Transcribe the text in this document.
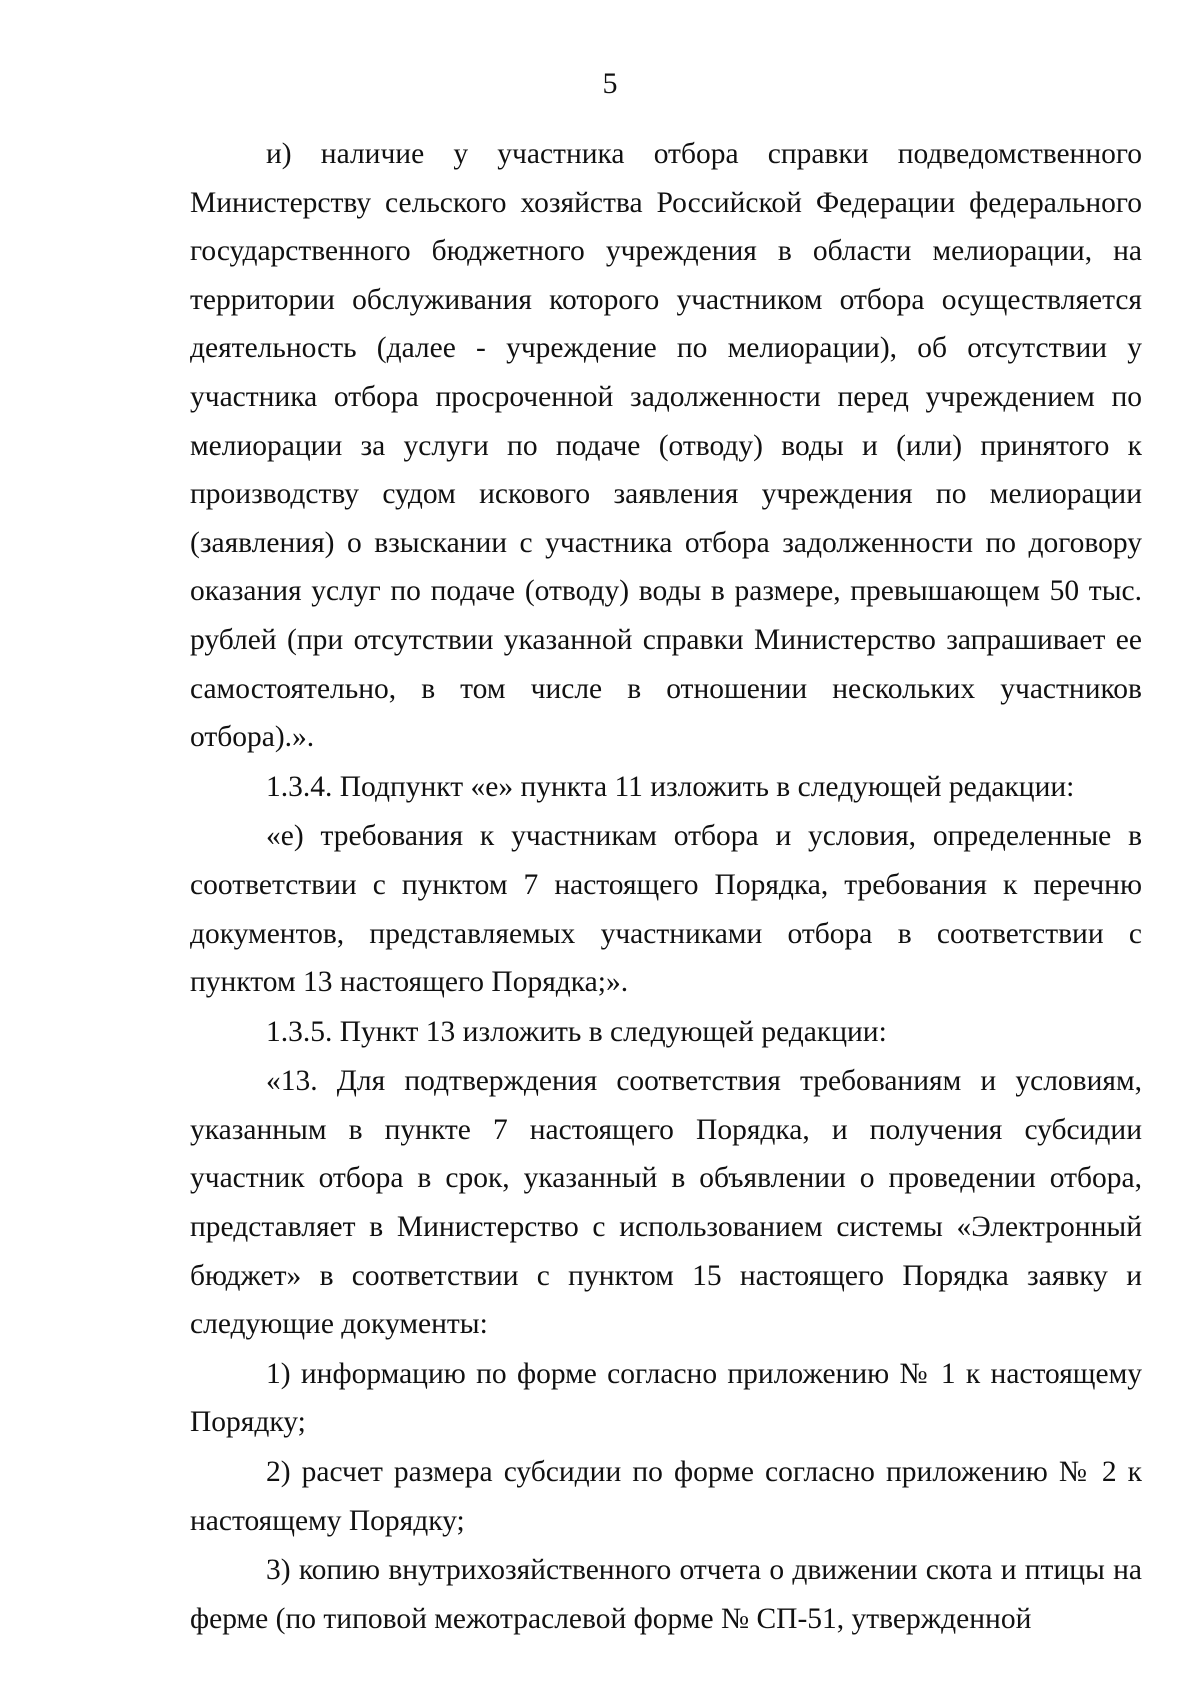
5

и) наличие у участника отбора справки подведомственного Министерству сельского хозяйства Российской Федерации федерального государственного бюджетного учреждения в области мелиорации, на территории обслуживания которого участником отбора осуществляется деятельность (далее - учреждение по мелиорации), об отсутствии у участника отбора просроченной задолженности перед учреждением по мелиорации за услуги по подаче (отводу) воды и (или) принятого к производству судом искового заявления учреждения по мелиорации (заявления) о взыскании с участника отбора задолженности по договору оказания услуг по подаче (отводу) воды в размере, превышающем 50 тыс. рублей (при отсутствии указанной справки Министерство запрашивает ее самостоятельно, в том числе в отношении нескольких участников отбора).».

1.3.4. Подпункт «е» пункта 11 изложить в следующей редакции:

«е) требования к участникам отбора и условия, определенные в соответствии с пунктом 7 настоящего Порядка, требования к перечню документов, представляемых участниками отбора в соответствии с пунктом 13 настоящего Порядка;».

1.3.5. Пункт 13 изложить в следующей редакции:

«13. Для подтверждения соответствия требованиям и условиям, указанным в пункте 7 настоящего Порядка, и получения субсидии участник отбора в срок, указанный в объявлении о проведении отбора, представляет в Министерство с использованием системы «Электронный бюджет» в соответствии с пунктом 15 настоящего Порядка заявку и следующие документы:

1) информацию по форме согласно приложению № 1 к настоящему Порядку;

2) расчет размера субсидии по форме согласно приложению № 2 к настоящему Порядку;

3) копию внутрихозяйственного отчета о движении скота и птицы на ферме (по типовой межотраслевой форме № СП-51, утвержденной
